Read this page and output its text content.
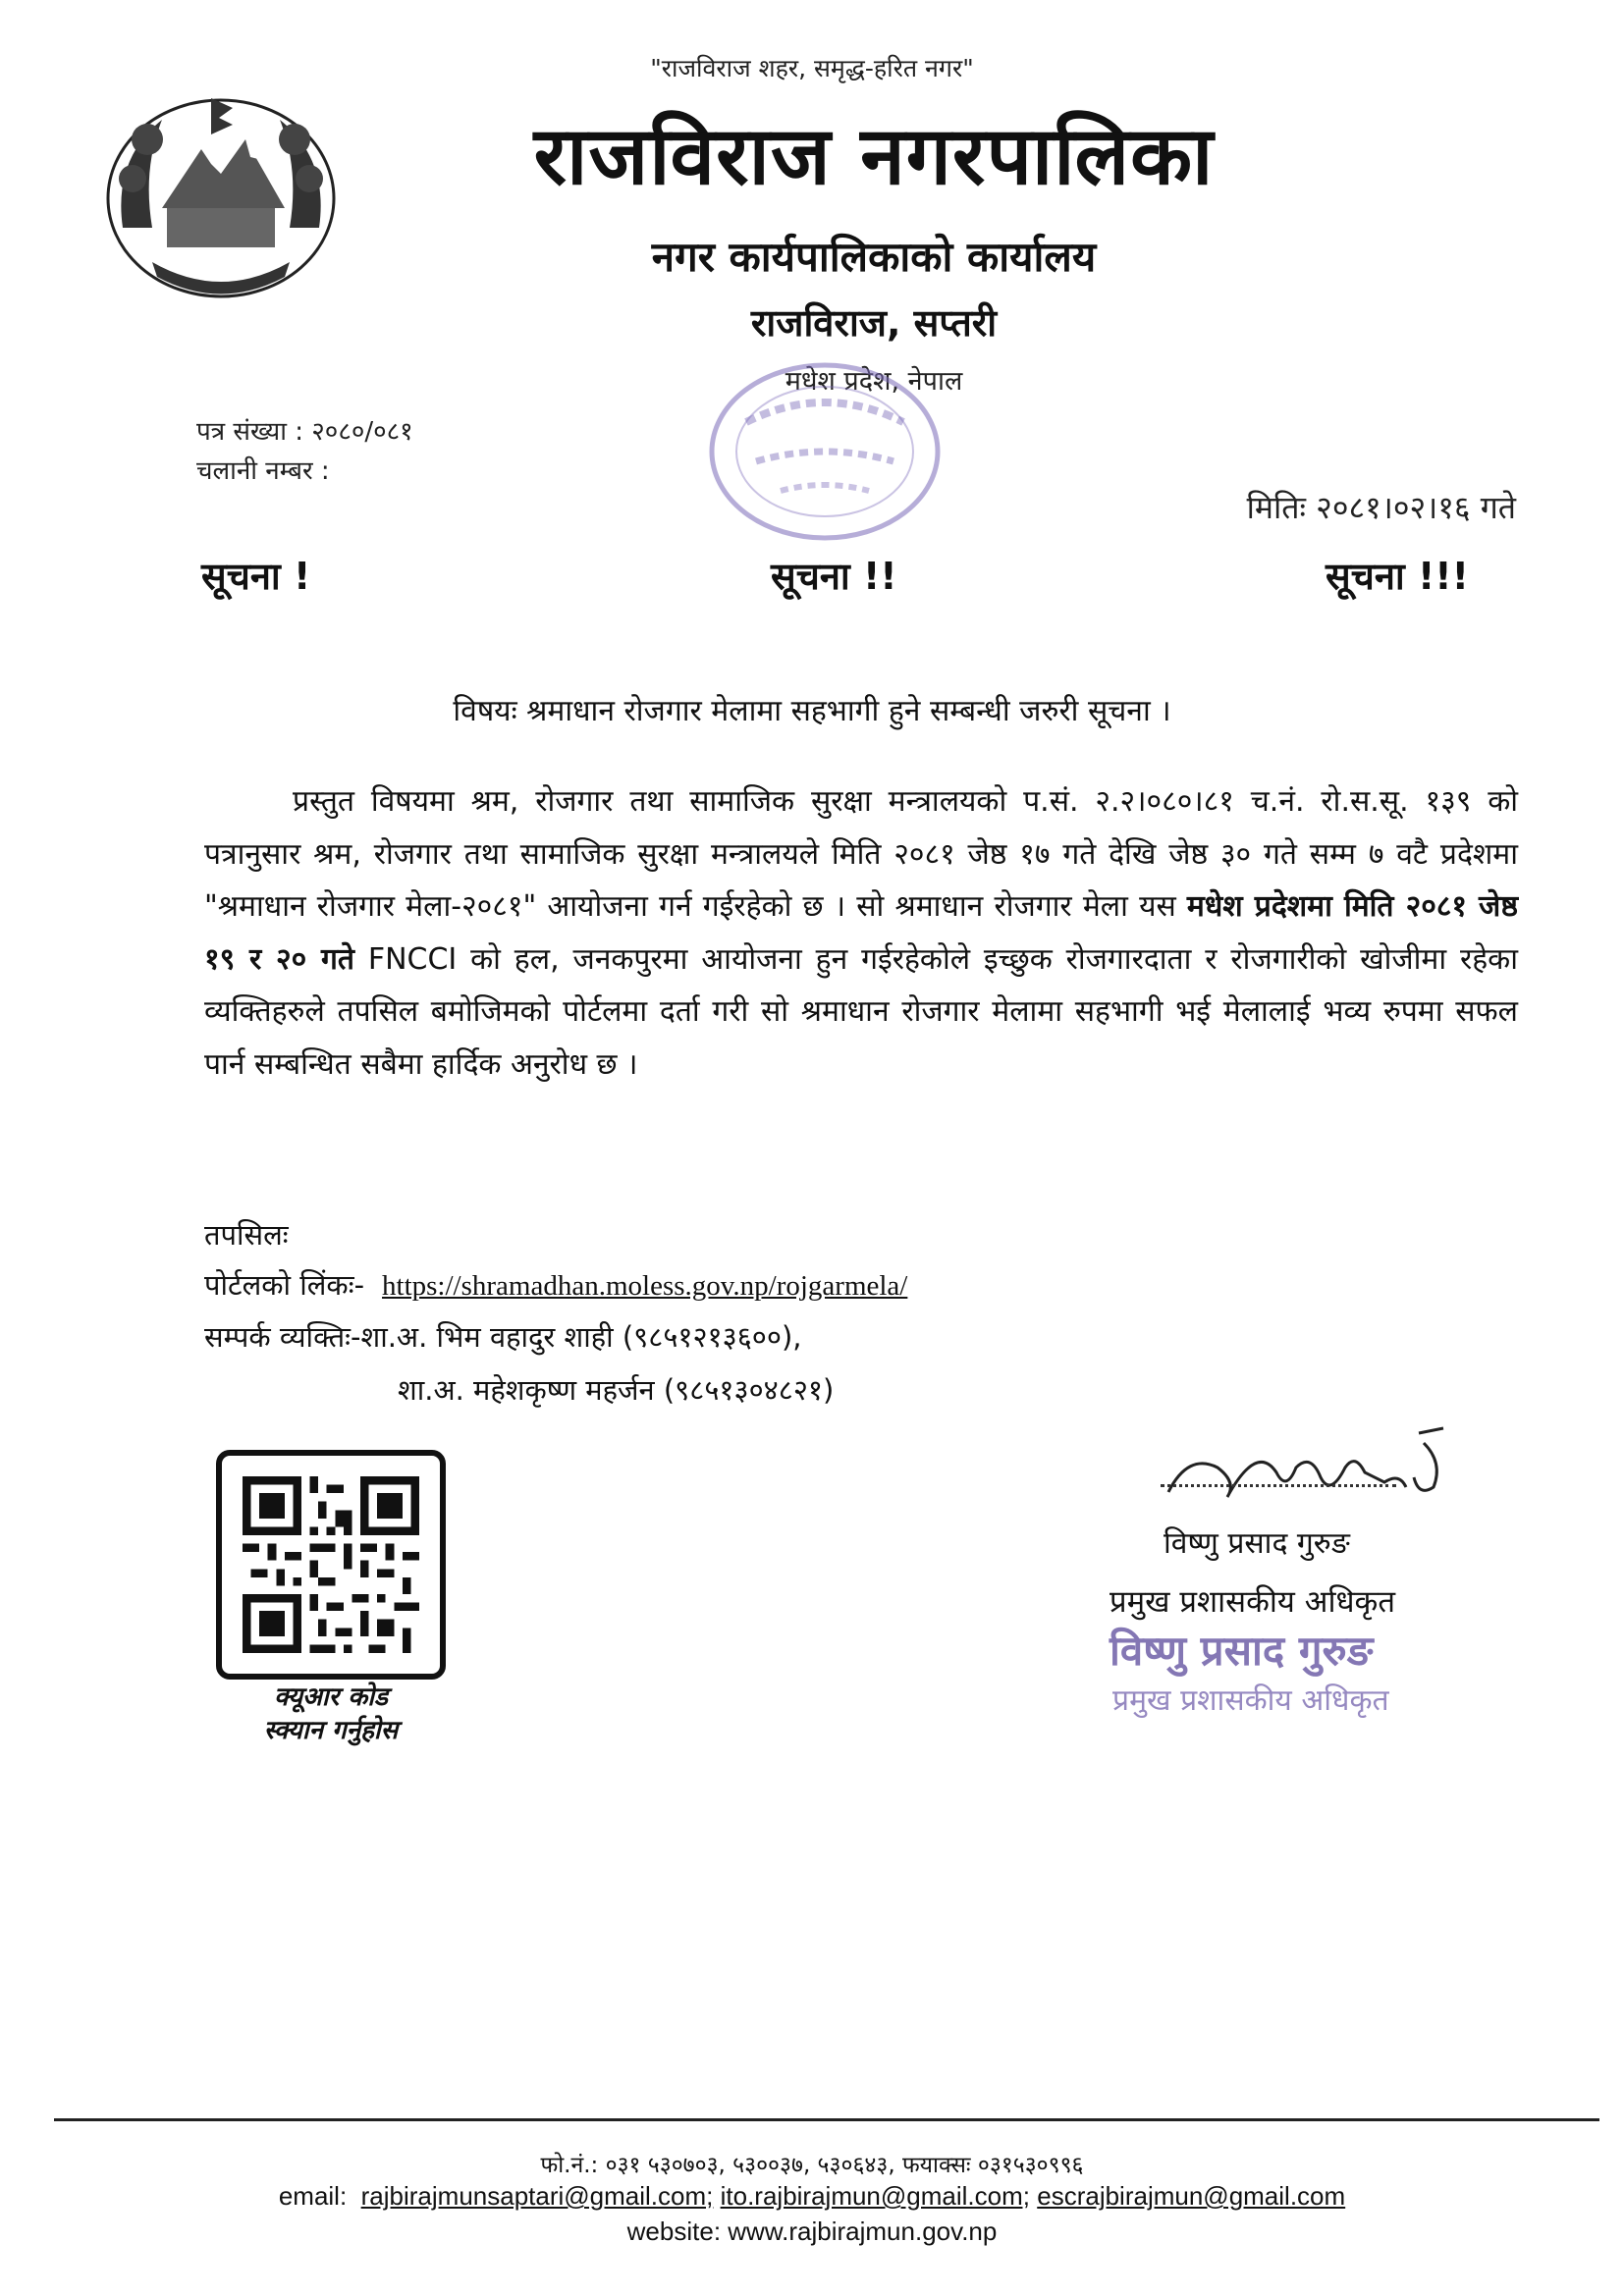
"राजविराज शहर, समृद्ध-हरित नगर"
राजविराज नगरपालिका
नगर कार्यपालिकाको कार्यालय
राजविराज, सप्तरी
मधेश प्रदेश, नेपाल
पत्र संख्या : २०८०/०८१
चलानी नम्बर :
मितिः २०८१।०२।१६ गते
सूचना !	सूचना !!	सूचना !!!
विषयः श्रमाधान रोजगार मेलामा सहभागी हुने सम्बन्धी जरुरी सूचना ।
प्रस्तुत विषयमा श्रम, रोजगार तथा सामाजिक सुरक्षा मन्त्रालयको प.सं. २.२।०८०।८१ च.नं. रो.स.सू. १३९ को पत्रानुसार श्रम, रोजगार तथा सामाजिक सुरक्षा मन्त्रालयले मिति २०८१ जेष्ठ १७ गते देखि जेष्ठ ३० गते सम्म ७ वटै प्रदेशमा "श्रमाधान रोजगार मेला-२०८१" आयोजना गर्न गईरहेको छ । सो श्रमाधान रोजगार मेला यस मधेश प्रदेशमा मिति २०८१ जेष्ठ १९ र २० गते FNCCI को हल, जनकपुरमा आयोजना हुन गईरहेकोले इच्छुक रोजगारदाता र रोजगारीको खोजीमा रहेका व्यक्तिहरुले तपसिल बमोजिमको पोर्टलमा दर्ता गरी सो श्रमाधान रोजगार मेलामा सहभागी भई मेलालाई भव्य रुपमा सफल पार्न सम्बन्धित सबैमा हार्दिक अनुरोध छ ।
तपसिलः
पोर्टलको लिंकः- https://shramadhan.moless.gov.np/rojgarmela/
सम्पर्क व्यक्तिः-शा.अ. भिम वहादुर शाही (९८५१२१३६००),
शा.अ. महेशकृष्ण महर्जन (९८५१३०४८२१)
क्यूआर कोड
स्क्यान गर्नुहोस
विष्णु प्रसाद गुरुङ
प्रमुख प्रशासकीय अधिकृत
विष्णु प्रसाद गुरुङ
प्रमुख प्रशासकीय अधिकृत
फो.नं.: ०३१ ५३०७०३, ५३००३७, ५३०६४३, फयाक्सः ०३१५३०९९६
email: rajbirajmunsaptari@gmail.com; ito.rajbirajmun@gmail.com; escrajbirajmun@gmail.com
website: www.rajbirajmun.gov.np
